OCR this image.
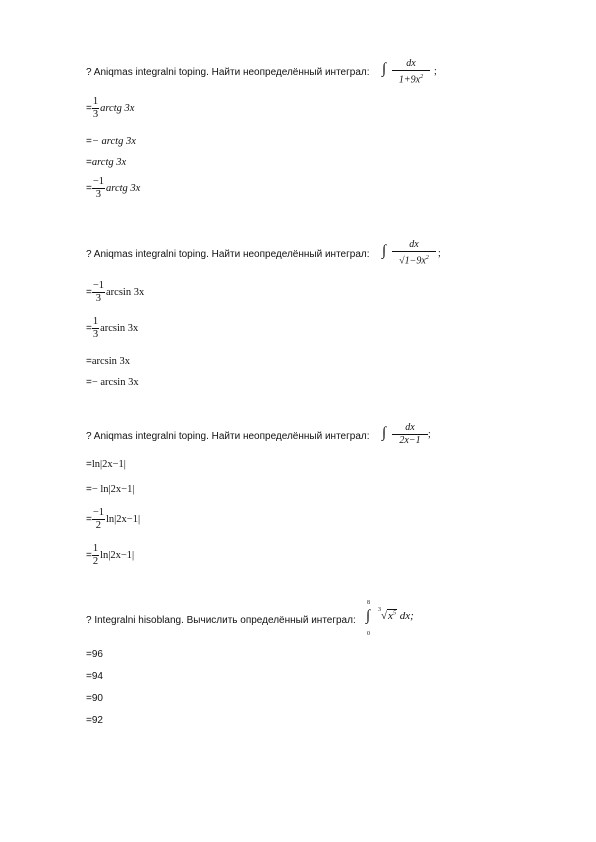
? Aniqmas integralni toping. Найти неопределённый интеграл: ∫	dx
$1+9x^2$	;
= $\frac{1}{3}$ arctg 3x
=− arctg 3x
=arctg 3x
= $\frac{-1}{3}$ arctg 3x
? Aniqmas integralni toping. Найти неопределённый интеграл: ∫	dx
$√1-9x^2$ ;
= $\frac{-1}{3}$ arcsin 3x
= $\frac{1}{3}$ arcsin 3x
=arcsin 3x
=− arcsin 3x
? Aniqmas integralni toping. Найти неопределённый интеграл: ∫	dx
2x−1
;
=ln|2x−1|
=− ln|2x−1|
= $\frac{-1}{2} \ln|2x-1|$
= $\frac{1}{2} \ln|2x-1|$
? Integralni hisoblang. Вычислить определённый интеграл:
8
∫
0
$^3√x^5$ dx;
=96
=94
=90
=92
